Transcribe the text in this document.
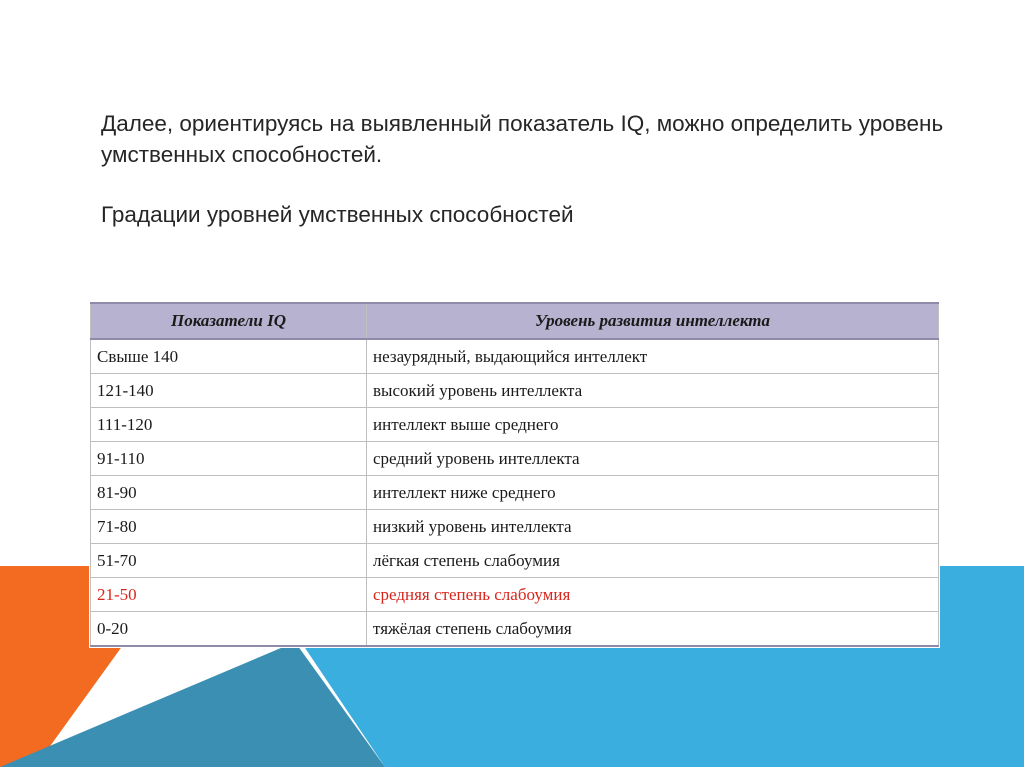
Далее, ориентируясь на выявленный показатель IQ, можно определить уровень умственных способностей.

Градации уровней умственных способностей
Показатели IQ	Уровень развития интеллекта
Свыше 140	незаурядный, выдающийся интеллект
121-140	высокий уровень интеллекта
111-120	интеллект выше среднего
91-110	средний уровень интеллекта
81-90	интеллект ниже среднего
71-80	низкий уровень интеллекта
51-70	лёгкая степень слабоумия
21-50	средняя степень слабоумия
0-20	тяжёлая степень слабоумия
